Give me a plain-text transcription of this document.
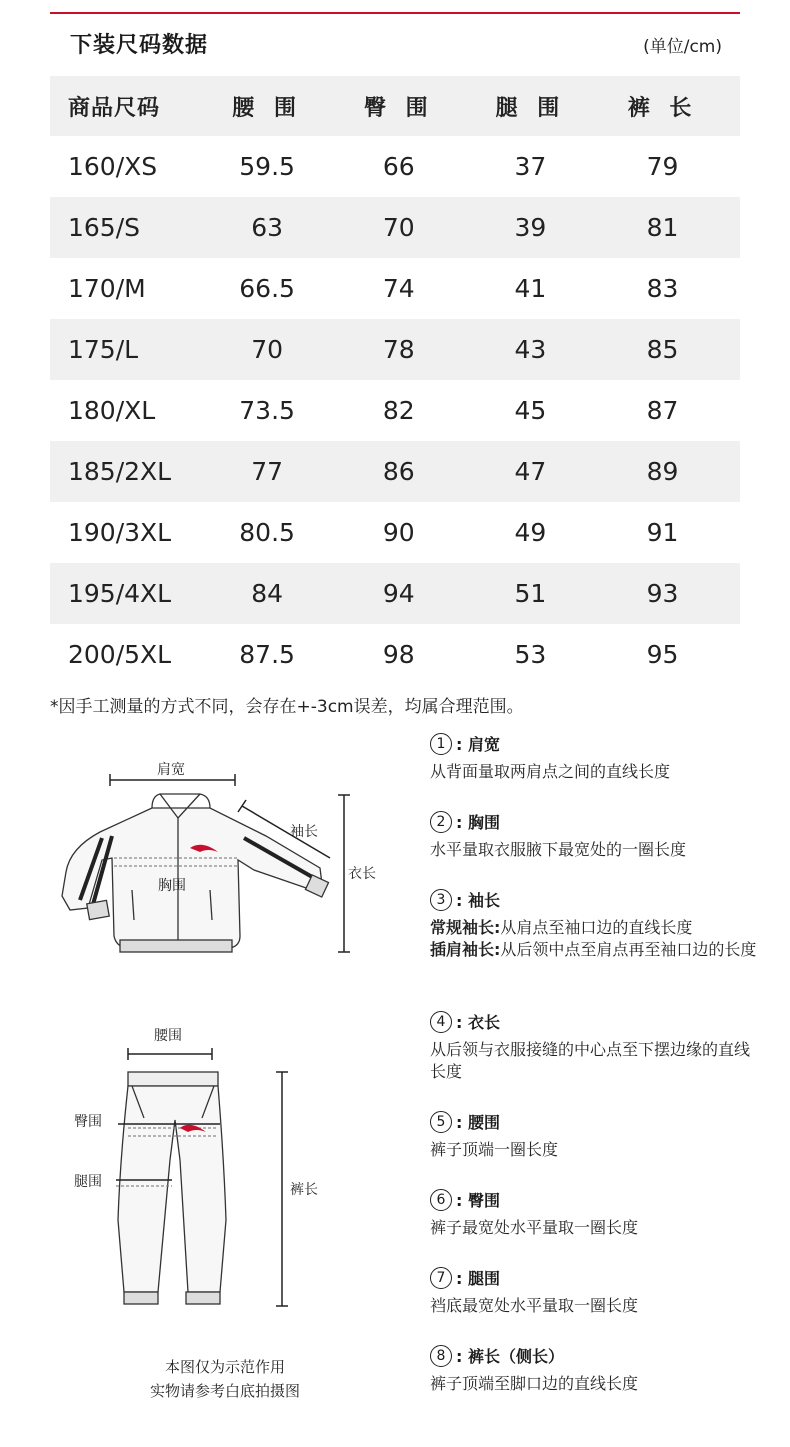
下装尺码数据	(单位/cm)
商品尺码	腰 围	臀 围	腿 围	裤 长
160/XS	59.5	66	37	79
165/S	63	70	39	81
170/M	66.5	74	41	83
175/L	70	78	43	85
180/XL	73.5	82	45	87
185/2XL	77	86	47	89
190/3XL	80.5	90	49	91
195/4XL	84	94	51	93
200/5XL	87.5	98	53	95
*因手工测量的方式不同，会存在+-3cm误差，均属合理范围。
肩宽
袖长
胸围
衣长
腰围
臀围
腿围	裤长
本图仅为示范作用
实物请参考白底拍摄图
1 : 肩宽
从背面量取两肩点之间的直线长度
2 : 胸围
水平量取衣服腋下最宽处的一圈长度
3 : 袖长
常规袖长: 从肩点至袖口边的直线长度
插肩袖长: 从后领中点至肩点再至袖口边的长度
4 : 衣长
从后领与衣服接缝的中心点至下摆边缘的直线长度
5 : 腰围
裤子顶端一圈长度
6 : 臀围
裤子最宽处水平量取一圈长度
7 : 腿围
裆底最宽处水平量取一圈长度
8 : 裤长（侧长）
裤子顶端至脚口边的直线长度
